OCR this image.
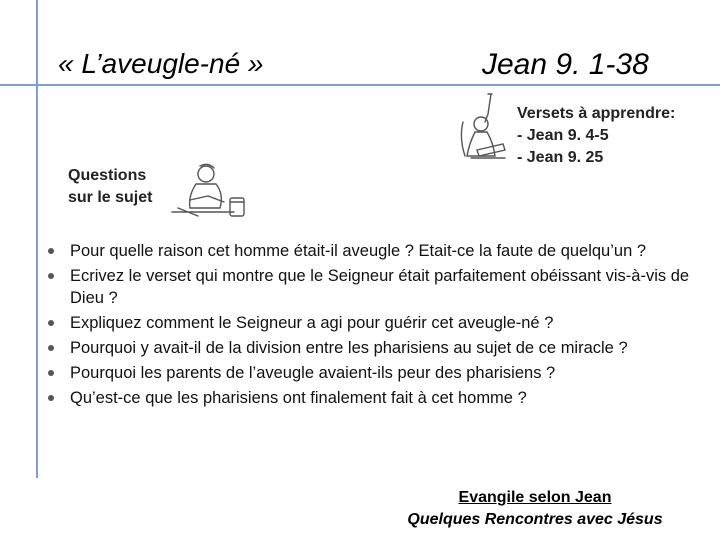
« L’aveugle-né »	Jean 9. 1-38
Versets à apprendre:
- Jean 9. 4-5
- Jean 9. 25
Questions
sur le sujet
Pour quelle raison cet homme était-il aveugle ? Etait-ce la faute de quelqu’un ?
Ecrivez le verset qui montre que le Seigneur était parfaitement obéissant vis-à-vis de Dieu ?
Expliquez comment le Seigneur a agi pour guérir cet aveugle-né ?
Pourquoi y avait-il de la division entre les pharisiens au sujet de ce miracle ?
Pourquoi les parents de l’aveugle avaient-ils peur des pharisiens ?
Qu’est-ce que les pharisiens ont finalement fait à cet homme ?
Evangile selon Jean
Quelques Rencontres avec Jésus
